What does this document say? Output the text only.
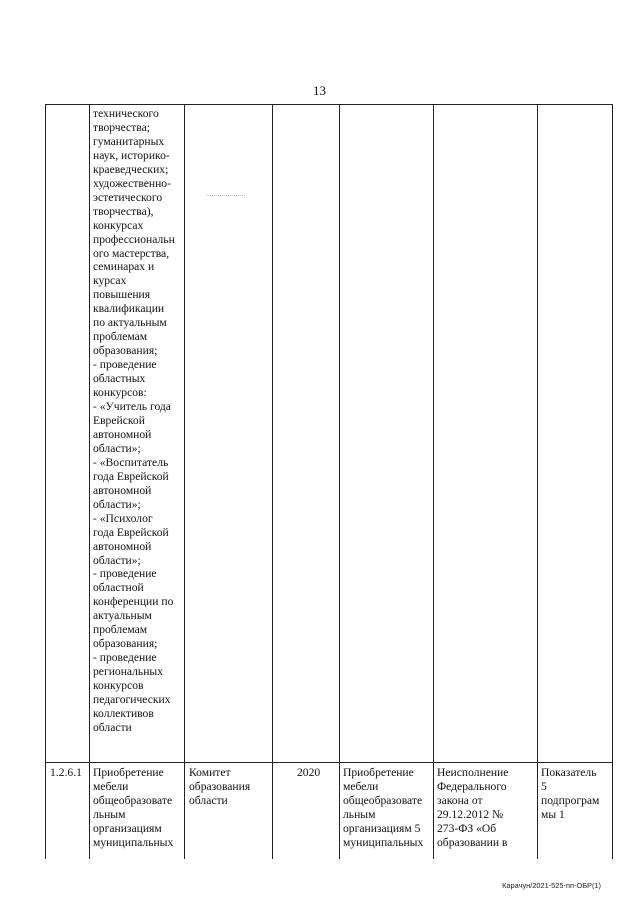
13
технического
творчества;
гуманитарных
наук, историко-
краеведческих;
художественно-
эстетического
творчества),
конкурсах
профессиональн
ого мастерства,
семинарах и
курсах
повышения
квалификации
по актуальным
проблемам
образования;
- проведение
областных
конкурсов:
- «Учитель года
Еврейской
автономной
области»;
- «Воспитатель
года Еврейской
автономной
области»;
- «Психолог
года Еврейской
автономной
области»;
- проведение
областной
конференции по
актуальным
проблемам
образования;
- проведение
региональных
конкурсов
педагогических
коллективов
области
1.2.6.1 Приобретение
мебели
общеобразовате
льным
организациям
муниципальных
Комитет
образования
области
2020 Приобретение
мебели
общеобразовате
льным
организациям 5
муниципальных
Неисполнение
Федерального
закона от
29.12.2012 №
273-ФЗ «Об
образовании в
Показатель
5
подпрограм
мы 1
Карачун/2021-525-пп-ОБР(1)
